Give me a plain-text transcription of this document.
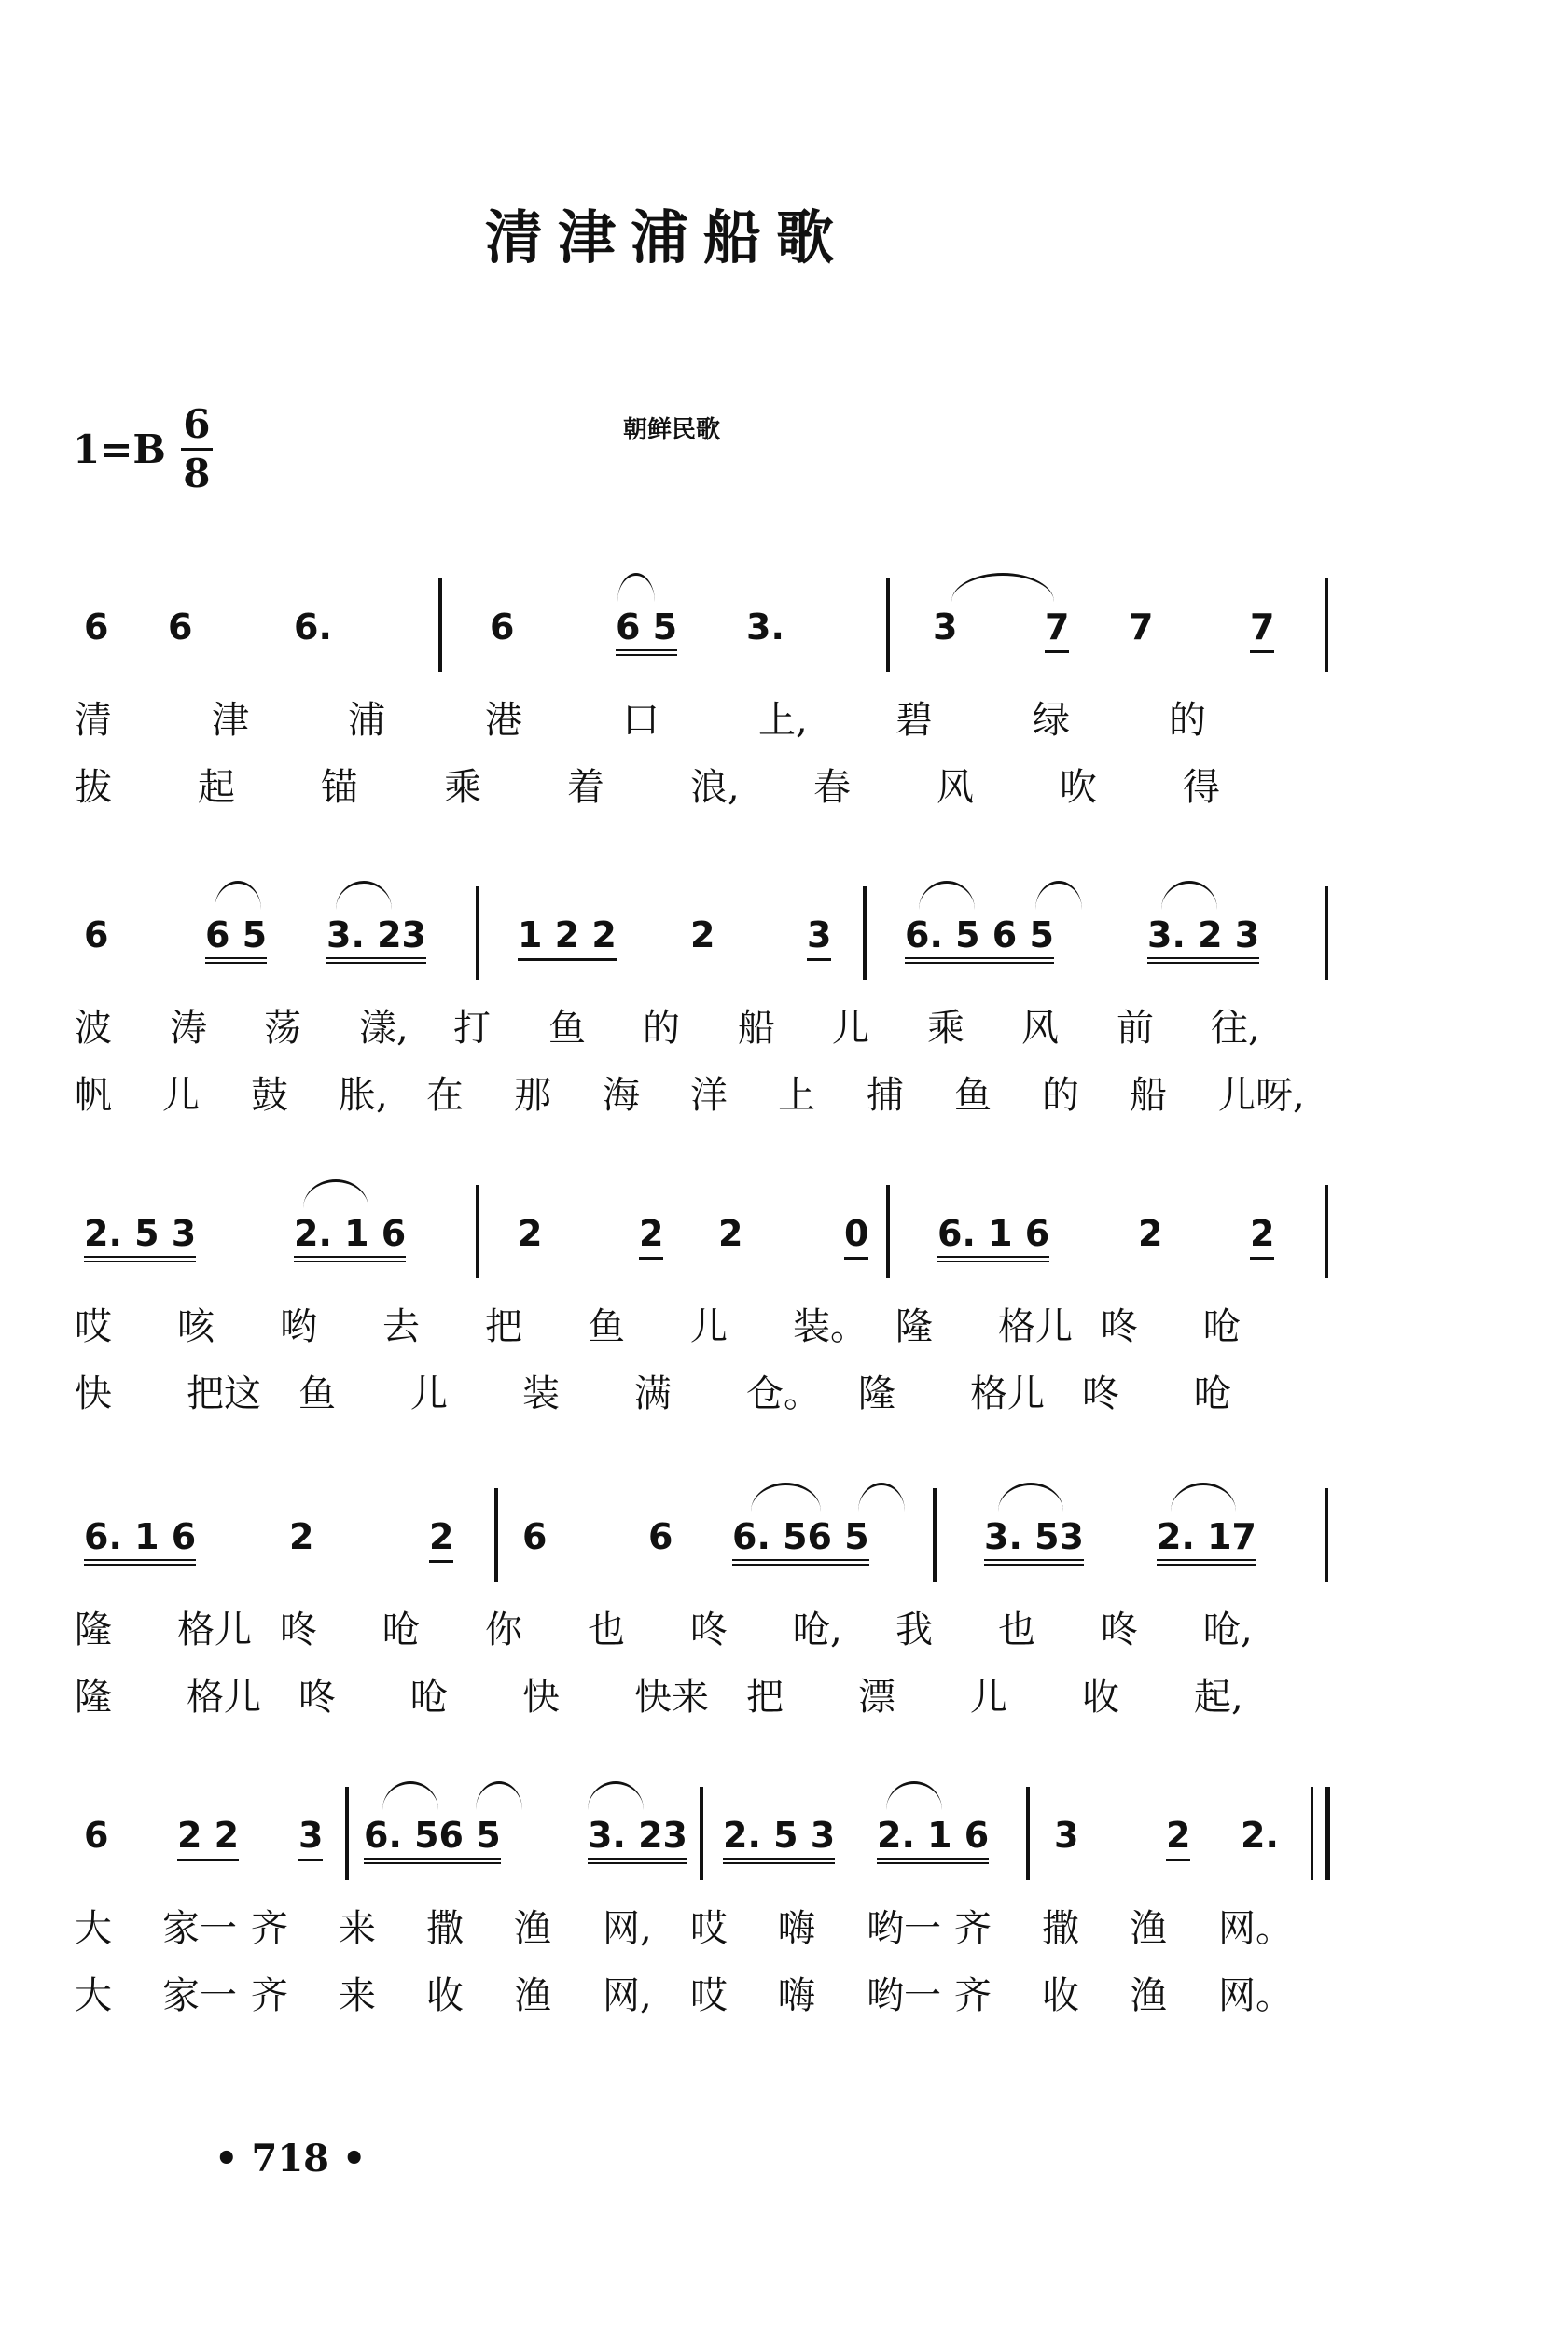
清津浦船歌
$1=B \frac{6}{8}$	朝鲜民歌
6 6	6.	6	6 5 3.	3 7 7	7
清	津	浦	港	口	上, 碧	绿	的
拔 起 锚 乘 着 浪, 春 风 吹 得
6	6 5 3. 23	1 2 2 2	3 6. 5 6 5	3. 2 3
波 涛 荡 漾, 打 鱼 的 船 儿 乘 风 前 往,
帆 儿 鼓 胀, 在 那 海 洋 上 捕 鱼 的 船 儿呀,
2. 5 3	2. 1 6	2	2 2	0 6. 1 6 2 2
哎 咳 哟 去 把 鱼 儿 装。 隆 格儿 咚 呛
快 把这 鱼 儿 装 满 仓。 隆 格儿 咚 呛
6. 1 6	2	2 6	6 6. 56 5	3. 53 2. 17
隆 格儿 咚 呛 你 也 咚 呛, 我 也 咚 呛,
隆 格儿 咚 呛 快 快来 把 漂 儿 收 起,
6 2 2 3 6. 56 5 3. 23 2. 5 3 2. 1 6 3 2 2.
大 家一 齐 来 撒 渔 网, 哎 嗨 哟一 齐 撒 渔 网。
大 家一 齐 来 收 渔 网, 哎 嗨 哟一 齐 收 渔 网。
• 718 •
